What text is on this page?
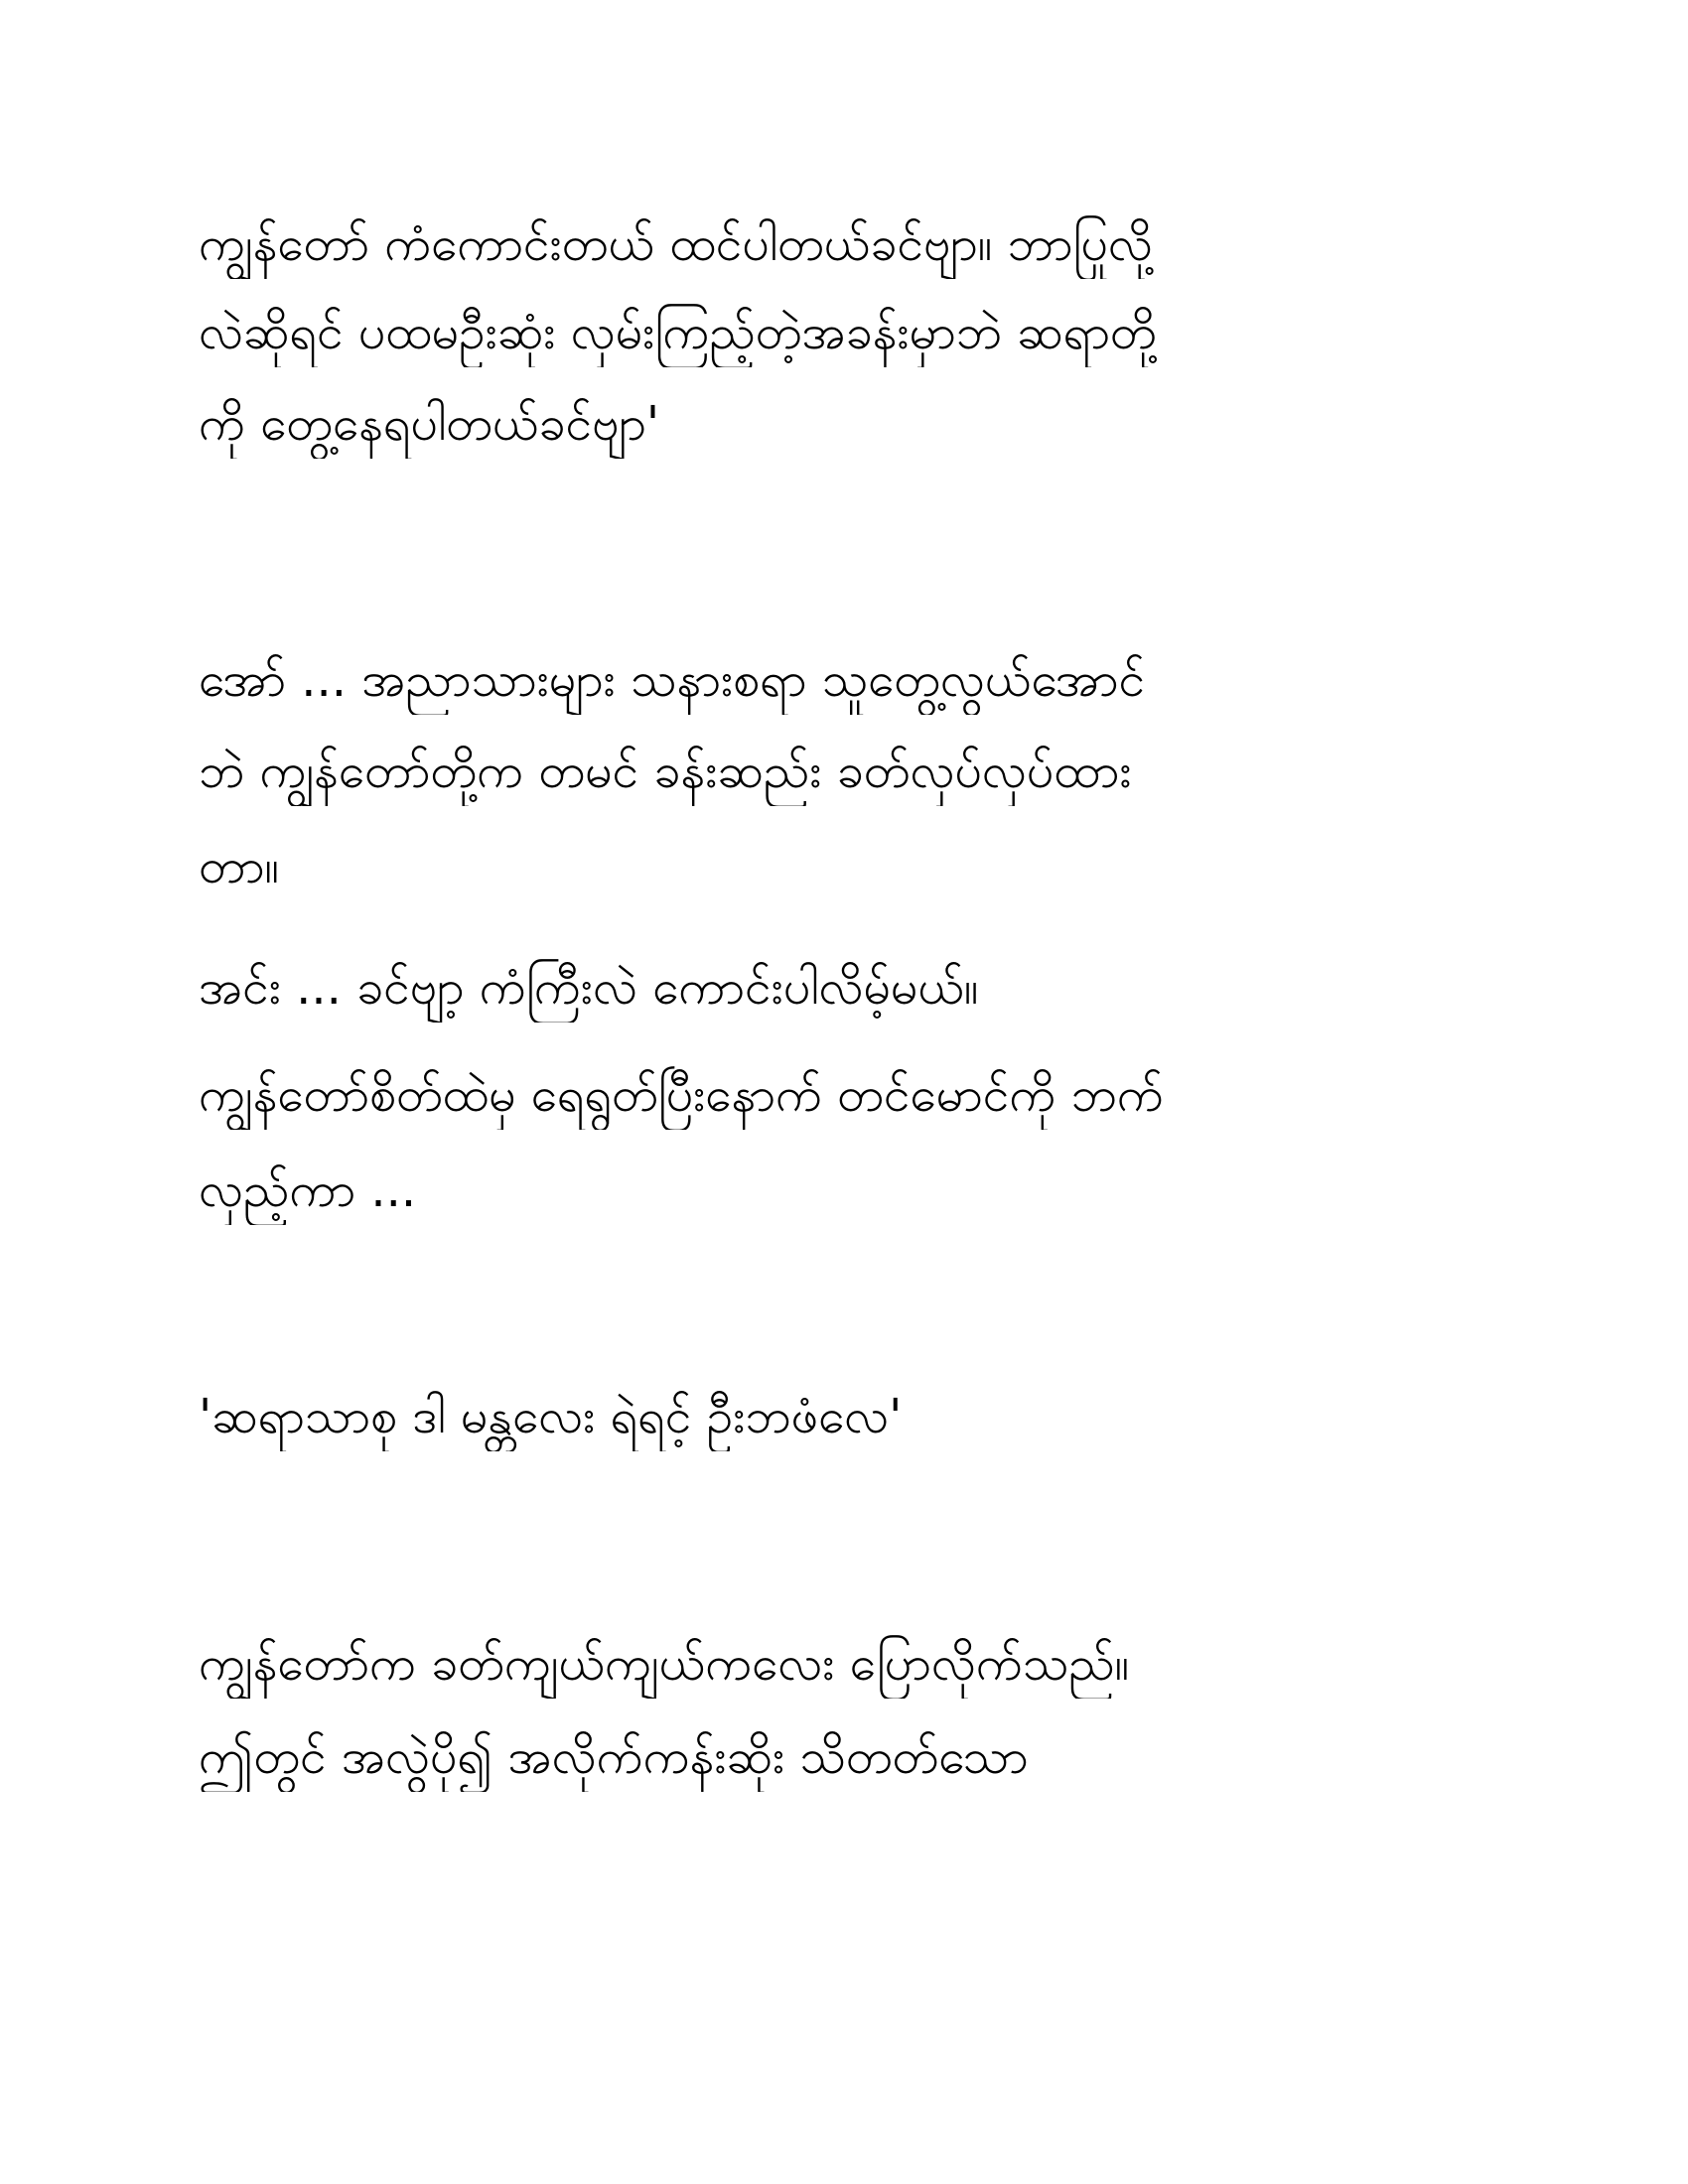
ကျွန်တော် ကံကောင်းတယ် ထင်ပါတယ်ခင်ဗျာ။ ဘာပြုလို့
လဲဆိုရင် ပထမဦးဆုံး လှမ်းကြည့်တဲ့အခန်းမှာဘဲ ဆရာတို့
ကို တွေ့နေရပါတယ်ခင်ဗျာ'
အော် ... အညာသားများ သနားစရာ သူတွေ့လွယ်အောင်
ဘဲ ကျွန်တော်တို့က တမင် ခန်းဆည်း ခတ်လှပ်လှပ်ထား
တာ။
အင်း ... ခင်ဗျာ့ ကံကြီးလဲ ကောင်းပါလိမ့်မယ်။
ကျွန်တော်စိတ်ထဲမှ ရေရွတ်ပြီးနောက် တင်မောင်ကို ဘက်
လှည့်ကာ ...
'ဆရာသာစု ဒါ မန္တလေး ရဲရင့် ဦးဘဖံလေ'
ကျွန်တော်က ခတ်ကျယ်ကျယ်ကလေး ပြောလိုက်သည်။
ဤတွင် အလွဲပို၍ အလိုက်ကန်းဆိုး သိတတ်သော
